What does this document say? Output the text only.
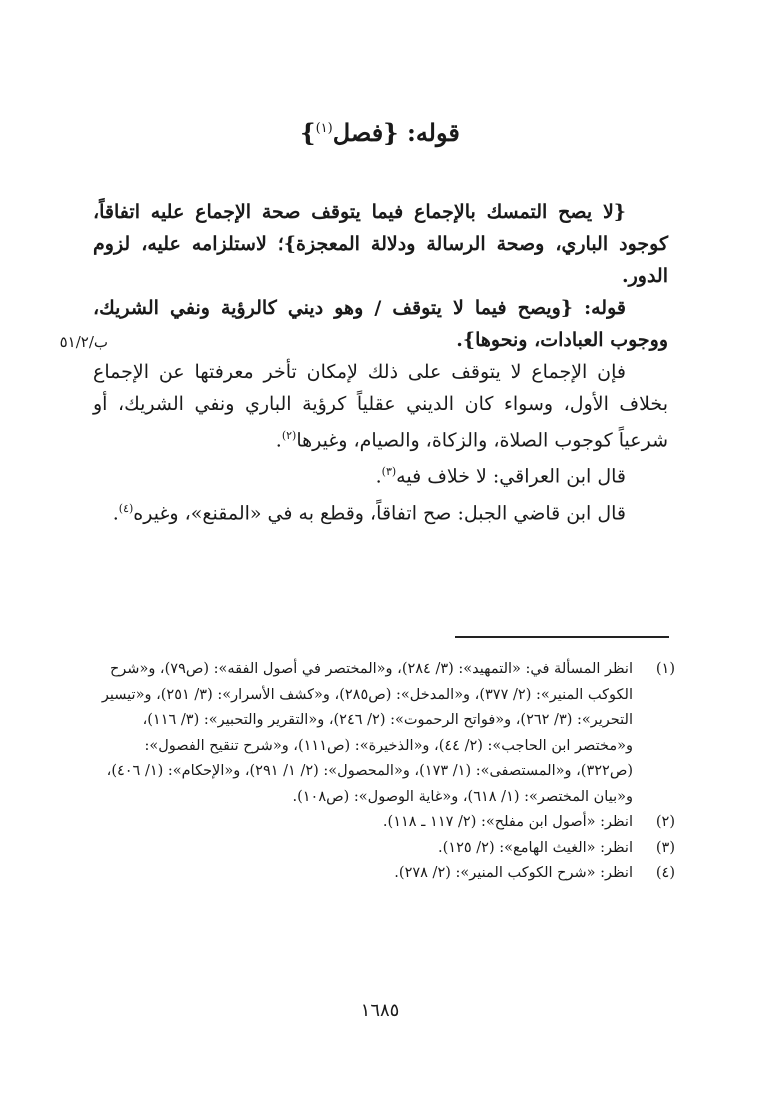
قوله: {فصل$^{(١)}$}

{لا يصح التمسك بالإجماع فيما يتوقف صحة الإجماع عليه اتفاقاً، كوجود الباري، وصحة الرسالة ودلالة المعجزة}؛ لاستلزامه عليه، لزوم الدور.

قوله: {ويصح فيما لا يتوقف / وهو ديني كالرؤية ونفي الشريك، ووجوب العبادات، ونحوها}.

فإن الإجماع لا يتوقف على ذلك لإمكان تأخر معرفتها عن الإجماع بخلاف الأول، وسواء كان الديني عقلياً كرؤية الباري ونفي الشريك، أو شرعياً كوجوب الصلاة، والزكاة، والصيام، وغيرها$^{(٢)}$.

قال ابن العراقي: لا خلاف فيه$^{(٣)}$.

قال ابن قاضي الجبل: صح اتفاقاً، وقطع به في «المقنع»، وغيره$^{(٤)}$.

ب/٥١/٢
(١)
انظر المسألة في: «التمهيد»: (٣/ ٢٨٤)، و«المختصر في أصول الفقه»: (ص٧٩)، و«شرح الكوكب المنير»: (٢/ ٣٧٧)، و«المدخل»: (ص٢٨٥)، و«كشف الأسرار»: (٣/ ٢٥١)، و«تيسير التحرير»: (٣/ ٢٦٢)، و«فواتح الرحموت»: (٢/ ٢٤٦)، و«التقرير والتحبير»: (٣/ ١١٦)، و«مختصر ابن الحاجب»: (٢/ ٤٤)، و«الذخيرة»: (ص١١١)، و«شرح تنقيح الفصول»: (ص٣٢٢)، و«المستصفى»: (١/ ١٧٣)، و«المحصول»: (٢/ ١/ ٢٩١)، و«الإحكام»: (١/ ٤٠٦)، و«بيان المختصر»: (١/ ٦١٨)، و«غاية الوصول»: (ص١٠٨).
(٢)
انظر: «أصول ابن مفلح»: (٢/ ١١٧ ـ ١١٨).
(٣)
انظر: «الغيث الهامع»: (٢/ ١٢٥).
(٤)
انظر: «شرح الكوكب المنير»: (٢/ ٢٧٨).
١٦٨٥
